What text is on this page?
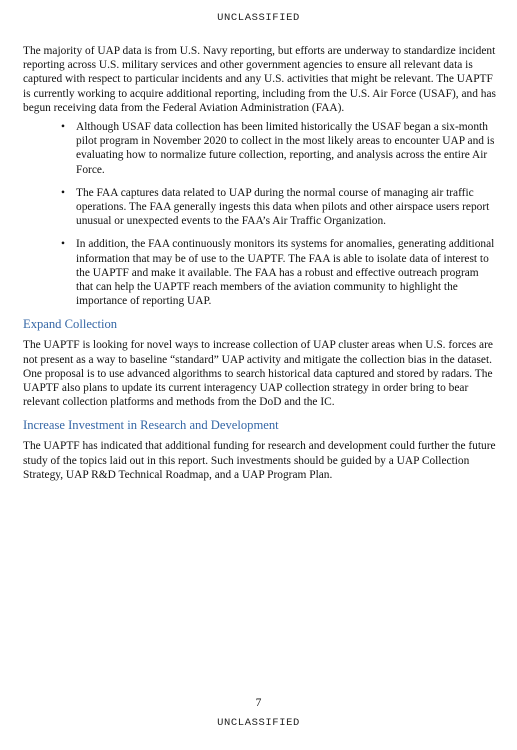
UNCLASSIFIED

The majority of UAP data is from U.S. Navy reporting, but efforts are underway to standardize incident reporting across U.S. military services and other government agencies to ensure all relevant data is captured with respect to particular incidents and any U.S. activities that might be relevant. The UAPTF is currently working to acquire additional reporting, including from the U.S. Air Force (USAF), and has begun receiving data from the Federal Aviation Administration (FAA).

• Although USAF data collection has been limited historically the USAF began a six-month pilot program in November 2020 to collect in the most likely areas to encounter UAP and is evaluating how to normalize future collection, reporting, and analysis across the entire Air Force.
• The FAA captures data related to UAP during the normal course of managing air traffic operations. The FAA generally ingests this data when pilots and other airspace users report unusual or unexpected events to the FAA’s Air Traffic Organization.
• In addition, the FAA continuously monitors its systems for anomalies, generating additional information that may be of use to the UAPTF. The FAA is able to isolate data of interest to the UAPTF and make it available. The FAA has a robust and effective outreach program that can help the UAPTF reach members of the aviation community to highlight the importance of reporting UAP.
Expand Collection

The UAPTF is looking for novel ways to increase collection of UAP cluster areas when U.S. forces are not present as a way to baseline “standard” UAP activity and mitigate the collection bias in the dataset. One proposal is to use advanced algorithms to search historical data captured and stored by radars. The UAPTF also plans to update its current interagency UAP collection strategy in order bring to bear relevant collection platforms and methods from the DoD and the IC.

Increase Investment in Research and Development

The UAPTF has indicated that additional funding for research and development could further the future study of the topics laid out in this report. Such investments should be guided by a UAP Collection Strategy, UAP R&D Technical Roadmap, and a UAP Program Plan.

7
UNCLASSIFIED
